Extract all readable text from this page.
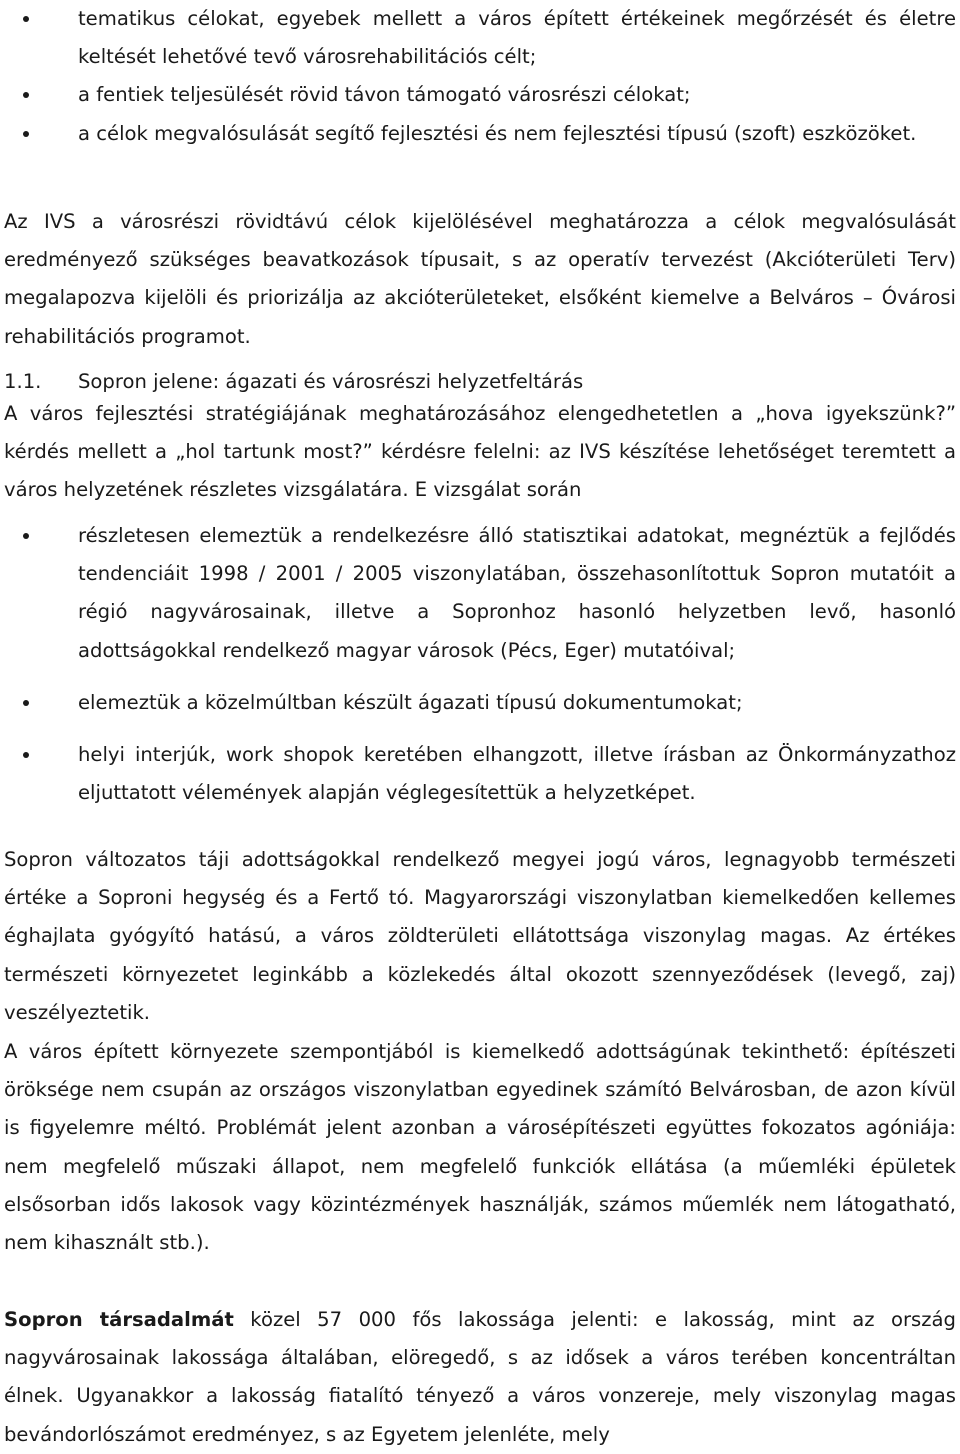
tematikus célokat, egyebek mellett a város épített értékeinek megőrzését és életre keltését lehetővé tevő városrehabilitációs célt;
a fentiek teljesülését rövid távon támogató városrészi célokat;
a célok megvalósulását segítő fejlesztési és nem fejlesztési típusú (szoft) eszközöket.

Az IVS a városrészi rövidtávú célok kijelölésével meghatározza a célok megvalósulását eredményező szükséges beavatkozások típusait, s az operatív tervezést (Akcióterületi Terv) megalapozva kijelöli és priorizálja az akcióterületeket, elsőként kiemelve a Belváros – Óvárosi rehabilitációs programot.

1.1. Sopron jelene: ágazati és városrészi helyzetfeltárás

A város fejlesztési stratégiájának meghatározásához elengedhetetlen a „hova igyekszünk?” kérdés mellett a „hol tartunk most?” kérdésre felelni: az IVS készítése lehetőséget teremtett a város helyzetének részletes vizsgálatára. E vizsgálat során

részletesen elemeztük a rendelkezésre álló statisztikai adatokat, megnéztük a fejlődés tendenciáit 1998 / 2001 / 2005 viszonylatában, összehasonlítottuk Sopron mutatóit a régió nagyvárosainak, illetve a Sopronhoz hasonló helyzetben levő, hasonló adottságokkal rendelkező magyar városok (Pécs, Eger) mutatóival;
elemeztük a közelmúltban készült ágazati típusú dokumentumokat;
helyi interjúk, work shopok keretében elhangzott, illetve írásban az Önkormányzathoz eljuttatott vélemények alapján véglegesítettük a helyzetképet.

Sopron változatos táji adottságokkal rendelkező megyei jogú város, legnagyobb természeti értéke a Soproni hegység és a Fertő tó. Magyarországi viszonylatban kiemelkedően kellemes éghajlata gyógyító hatású, a város zöldterületi ellátottsága viszonylag magas. Az értékes természeti környezetet leginkább a közlekedés által okozott szennyeződések (levegő, zaj) veszélyeztetik.

A város épített környezete szempontjából is kiemelkedő adottságúnak tekinthető: építészeti öröksége nem csupán az országos viszonylatban egyedinek számító Belvárosban, de azon kívül is figyelemre méltó. Problémát jelent azonban a városépítészeti együttes fokozatos agóniája: nem megfelelő műszaki állapot, nem megfelelő funkciók ellátása (a műemléki épületek elsősorban idős lakosok vagy közintézmények használják, számos műemlék nem látogatható, nem kihasznált stb.).

Sopron társadalmát közel 57 000 fős lakossága jelenti: e lakosság, mint az ország nagyvárosainak lakossága általában, elöregedő, s az idősek a város terében koncentráltan élnek. Ugyanakkor a lakosság fiatalító tényező a város vonzereje, mely viszonylag magas bevándorlószámot eredményez, s az Egyetem jelenléte, mely
